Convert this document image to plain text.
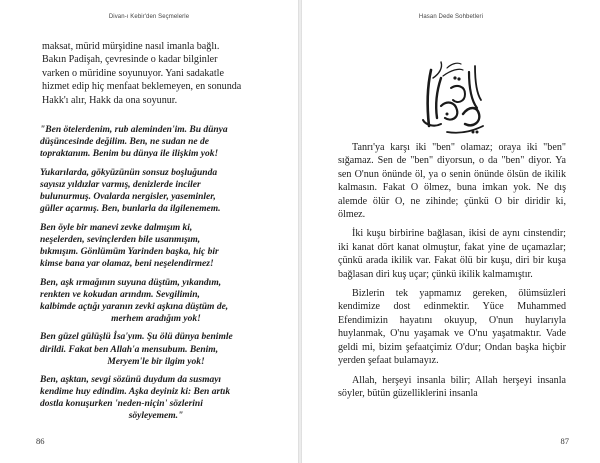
Divan-ı Kebir'den Seçmelerle
maksat, mürid mürşidine nasıl imanla bağlı.
Bakın Padişah, çevresinde o kadar bilginler
varken o müridine soyunuyor. Yani sadakatle
hizmet edip hiç menfaat beklemeyen, en sonunda
Hakk'ı alır, Hakk da ona soyunur.

"Ben ötelerdenim, rub aleminden'im. Bu dünya
düşüncesinde değilim. Ben, ne sudan ne de
topraktanım. Benim bu dünya ile ilişkim yok!

Yukarılarda, gökyüzünün sonsuz boşluğunda
sayısız yıldızlar varmış, denizlerde inciler
bulunurmuş. Ovalarda nergisler, yaseminler,
güller açarmış. Ben, bunlarla da ilgilenemem.

Ben öyle bir manevi zevke dalmışım ki,
neşelerden, sevinçlerden bile usanmışım,
bıkmışım. Gönlümüm Yarinden başka, hiç bir
kimse bana yar olamaz, beni neşelendirmez!

Ben, aşk ırmağının suyuna düştüm, yıkandım,
renkten ve kokudan arındım. Sevgilimin,
kalbimde açtığı yaranın zevki aşkına düştüm de,
merhem aradığım yok!

Ben güzel gülüşlü İsa'yım. Şu ölü dünya benimle
dirildi. Fakat ben Allah'a mensubum. Benim,
Meryem'le bir ilgim yok!

Ben, aşktan, sevgi sözünü duydum da susmayı
kendime huy edindim. Aşka deyiniz ki: Ben artık
dostla konuşurken 'neden-niçin' sözlerini
söyleyemem."

86
Hasan Dede Sohbetleri

Tanrı'ya karşı iki "ben" olamaz; oraya iki "ben" sığamaz. Sen de "ben" diyorsun, o da "ben" diyor. Ya sen O'nun önünde öl, ya o senin önünde ölsün de ikilik kalmasın. Fakat O ölmez, buna imkan yok. Ne dış alemde ölür O, ne zihinde; çünkü O bir diridir ki, ölmez.

İki kuşu birbirine bağlasan, ikisi de aynı cinstendir; iki kanat dört kanat olmuştur, fakat yine de uçamazlar; çünkü arada ikilik var. Fakat ölü bir kuşu, diri bir kuşa bağlasan diri kuş uçar; çünkü ikilik kalmamıştır.

Bizlerin tek yapmamız gereken, ölümsüzleri kendimize dost edinmektir. Yüce Muhammed Efendimizin hayatını okuyup, O'nun huylarıyla huylanmak, O'nu yaşamak ve O'nu yaşatmaktır. Vade geldi mi, bizim şefaatçimiz O'dur; Ondan başka hiçbir yerden şefaat bulamayız.

Allah, herşeyi insanla bilir; Allah herşeyi insanla söyler, bütün güzelliklerini insanla

87
